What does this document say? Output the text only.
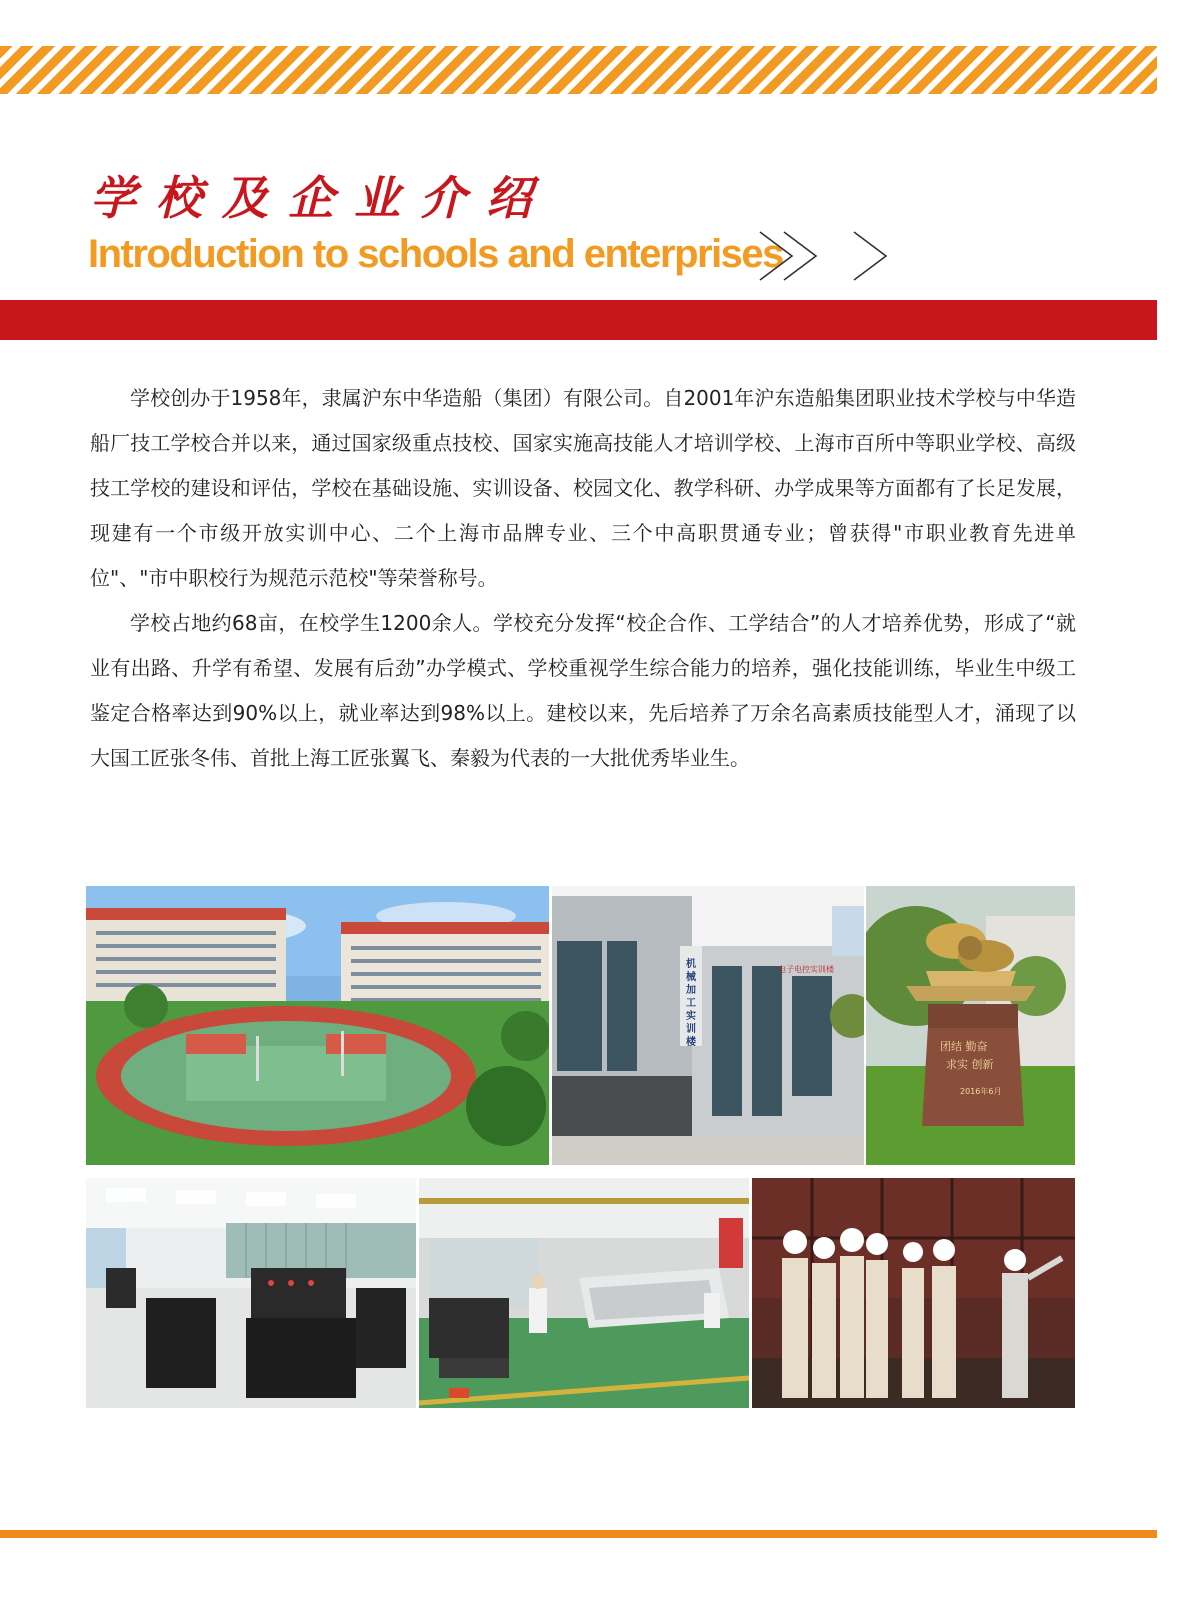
学校及企业介绍
Introduction to schools and enterprises

学校创办于1958年，隶属沪东中华造船（集团）有限公司。自2001年沪东造船集团职业技术学校与中华造船厂技工学校合并以来，通过国家级重点技校、国家实施高技能人才培训学校、上海市百所中等职业学校、高级技工学校的建设和评估，学校在基础设施、实训设备、校园文化、教学科研、办学成果等方面都有了长足发展，现建有一个市级开放实训中心、二个上海市品牌专业、三个中高职贯通专业；曾获得"市职业教育先进单位"、"市中职校行为规范示范校"等荣誉称号。

学校占地约68亩，在校学生1200余人。学校充分发挥“校企合作、工学结合”的人才培养优势，形成了“就业有出路、升学有希望、发展有后劲”办学模式、学校重视学生综合能力的培养，强化技能训练，毕业生中级工鉴定合格率达到90%以上，就业率达到98%以上。建校以来，先后培养了万余名高素质技能型人才，涌现了以大国工匠张冬伟、首批上海工匠张翼飞、秦毅为代表的一大批优秀毕业生。

机械加工实训楼
电子电控实训楼
团结 勤奋
求实 创新
2016年6月
